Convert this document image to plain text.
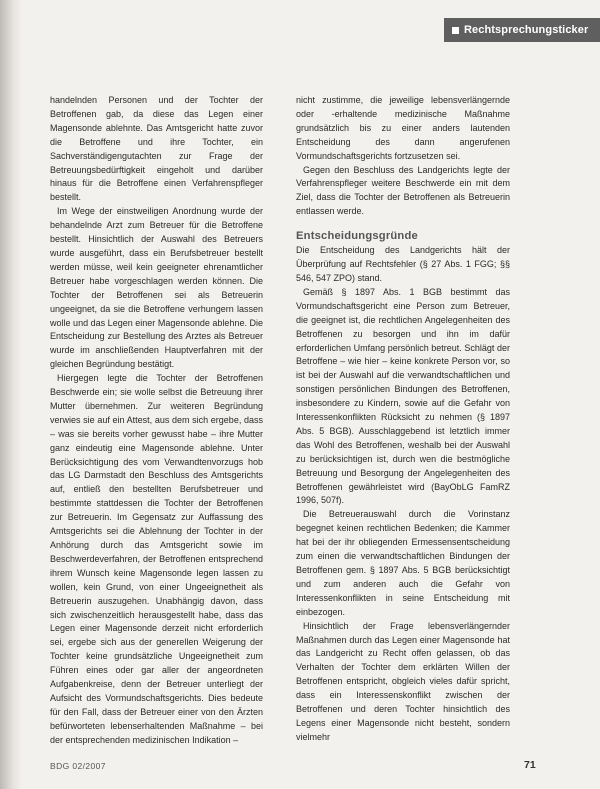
Rechtsprechungsticker

handelnden Personen und der Tochter der Betroffenen gab, da diese das Legen einer Magensonde ablehnte. Das Amtsgericht hatte zuvor die Betroffene und ihre Tochter, ein Sachverständigengutachten zur Frage der Betreuungsbedürftigkeit eingeholt und darüber hinaus für die Betroffene einen Verfahrenspfleger bestellt.

Im Wege der einstweiligen Anordnung wurde der behandelnde Arzt zum Betreuer für die Betroffene bestellt. Hinsichtlich der Auswahl des Betreuers wurde ausgeführt, dass ein Berufsbetreuer bestellt werden müsse, weil kein geeigneter ehrenamtlicher Betreuer habe vorgeschlagen werden können. Die Tochter der Betroffenen sei als Betreuerin ungeeignet, da sie die Betroffene verhungern lassen wolle und das Legen einer Magensonde ablehne. Die Entscheidung zur Bestellung des Arztes als Betreuer wurde im anschließenden Hauptverfahren mit der gleichen Begründung bestätigt.

Hiergegen legte die Tochter der Betroffenen Beschwerde ein; sie wolle selbst die Betreuung ihrer Mutter übernehmen. Zur weiteren Begründung verwies sie auf ein Attest, aus dem sich ergebe, dass – was sie bereits vorher gewusst habe – ihre Mutter ganz eindeutig eine Magensonde ablehne. Unter Berücksichtigung des vom Verwandtenvorzugs hob das LG Darmstadt den Beschluss des Amtsgerichts auf, entließ den bestellten Berufsbetreuer und bestimmte stattdessen die Tochter der Betroffenen zur Betreuerin. Im Gegensatz zur Auffassung des Amtsgerichts sei die Ablehnung der Tochter in der Anhörung durch das Amtsgericht sowie im Beschwerdeverfahren, der Betroffenen entsprechend ihrem Wunsch keine Magensonde legen lassen zu wollen, kein Grund, von einer Ungeeignetheit als Betreuerin auszugehen. Unabhängig davon, dass sich zwischenzeitlich herausgestellt habe, dass das Legen einer Magensonde derzeit nicht erforderlich sei, ergebe sich aus der generellen Weigerung der Tochter keine grundsätzliche Ungeeignetheit zum Führen eines oder gar aller der angeordneten Aufgabenkreise, denn der Betreuer unterliegt der Aufsicht des Vormundschaftsgerichts. Dies bedeute für den Fall, dass der Betreuer einer von den Ärzten befürworteten lebenserhaltenden Maßnahme – bei der entsprechenden medizinischen Indikation –

nicht zustimme, die jeweilige lebensverlängernde oder -erhaltende medizinische Maßnahme grundsätzlich bis zu einer anders lautenden Entscheidung des dann angerufenen Vormundschaftsgerichts fortzusetzen sei.

Gegen den Beschluss des Landgerichts legte der Verfahrenspfleger weitere Beschwerde ein mit dem Ziel, dass die Tochter der Betroffenen als Betreuerin entlassen werde.

Entscheidungsgründe

Die Entscheidung des Landgerichts hält der Überprüfung auf Rechtsfehler (§ 27 Abs. 1 FGG; §§ 546, 547 ZPO) stand.

Gemäß § 1897 Abs. 1 BGB bestimmt das Vormundschaftsgericht eine Person zum Betreuer, die geeignet ist, die rechtlichen Angelegenheiten des Betroffenen zu besorgen und ihn im dafür erforderlichen Umfang persönlich betreut. Schlägt der Betroffene – wie hier – keine konkrete Person vor, so ist bei der Auswahl auf die verwandtschaftlichen und sonstigen persönlichen Bindungen des Betroffenen, insbesondere zu Kindern, sowie auf die Gefahr von Interessenkonflikten Rücksicht zu nehmen (§ 1897 Abs. 5 BGB). Ausschlaggebend ist letztlich immer das Wohl des Betroffenen, weshalb bei der Auswahl zu berücksichtigen ist, durch wen die bestmögliche Betreuung und Besorgung der Angelegenheiten des Betroffenen gewährleistet wird (BayObLG FamRZ 1996, 507f).

Die Betreuerauswahl durch die Vorinstanz begegnet keinen rechtlichen Bedenken; die Kammer hat bei der ihr obliegenden Ermessensentscheidung zum einen die verwandtschaftlichen Bindungen der Betroffenen gem. § 1897 Abs. 5 BGB berücksichtigt und zum anderen auch die Gefahr von Interessenkonflikten in seine Entscheidung mit einbezogen.

Hinsichtlich der Frage lebensverlängernder Maßnahmen durch das Legen einer Magensonde hat das Landgericht zu Recht offen gelassen, ob das Verhalten der Tochter dem erklärten Willen der Betroffenen entspricht, obgleich vieles dafür spricht, dass ein Interessenskonflikt zwischen der Betroffenen und deren Tochter hinsichtlich des Legens einer Magensonde nicht besteht, sondern vielmehr

BDG 02/2007	71
